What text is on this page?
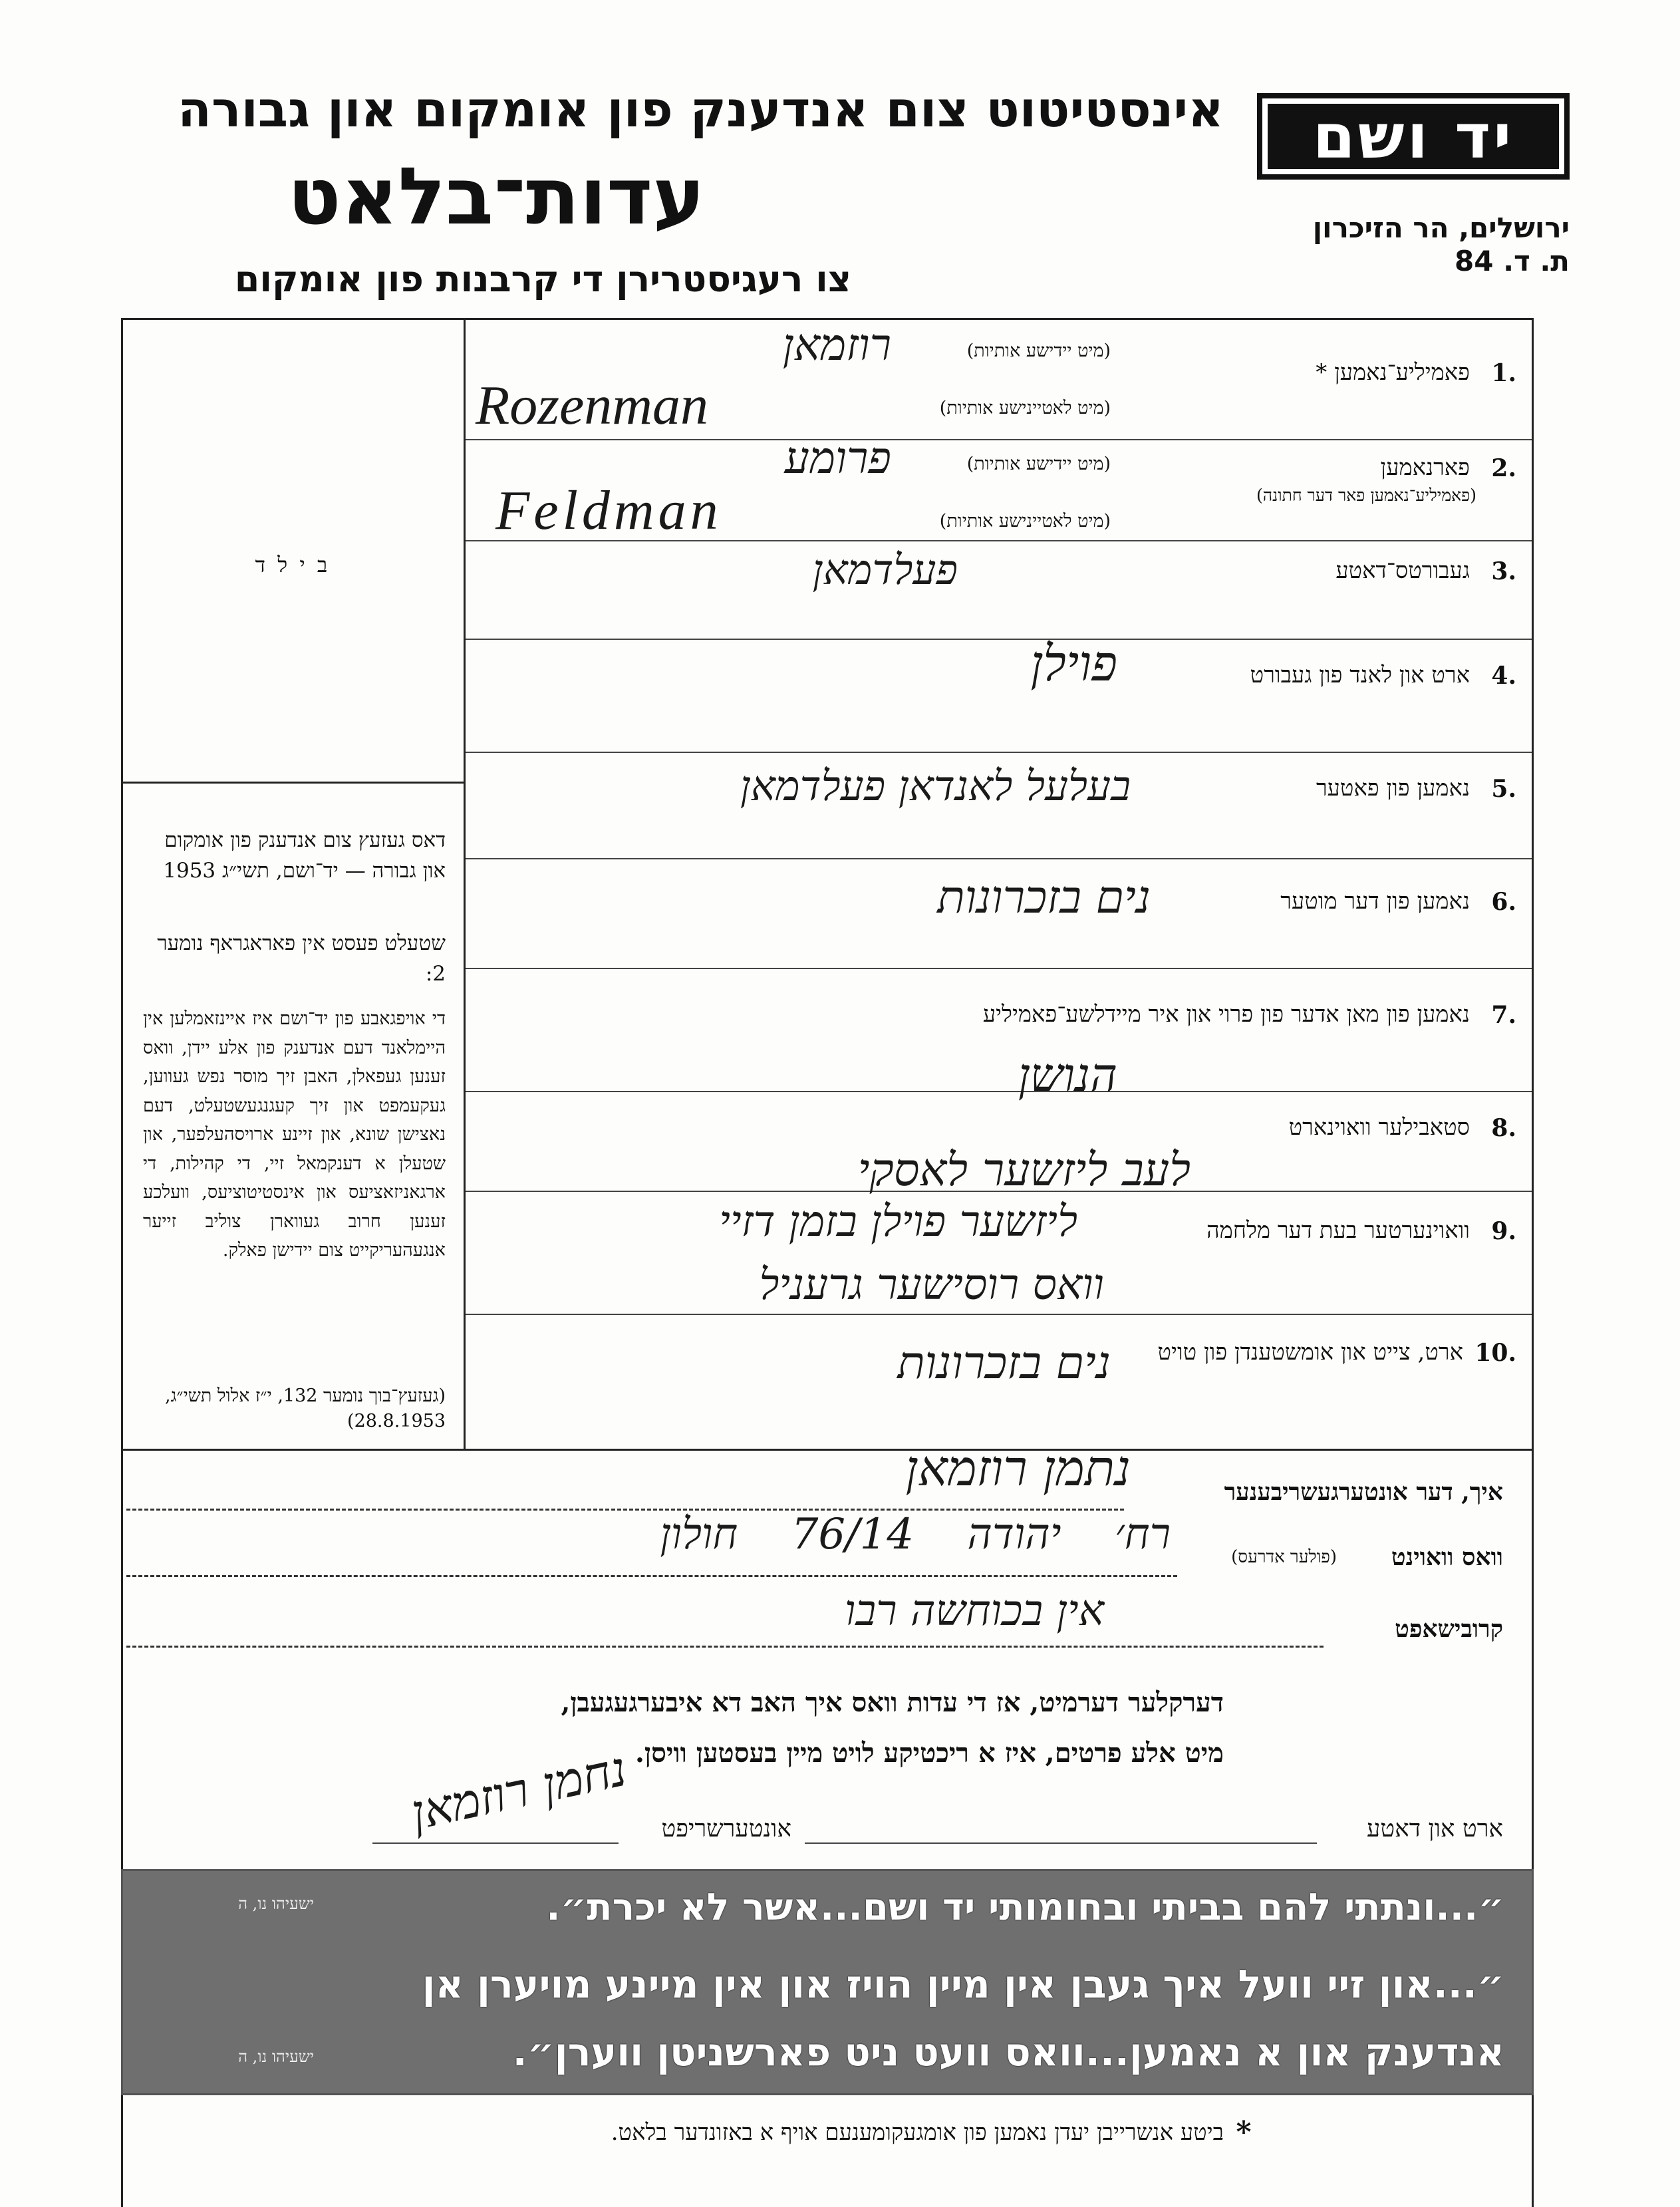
יד ושם
אינסטיטוט צום אנדענק פון אומקום און גבורה
עדות־בלאט	ירושלים, הר הזיכרון
ת. ד. 84
צו רעגיסטרירן די קרבנות פון אומקום
ב י ל ד
דאס געזעץ צום אנדענק פון אומקום און גבורה — יד־ושם, תשי״ג 1953
שטעלט פעסט אין פאראגראף נומער 2:
די אויפגאבע פון יד־ושם איז איינזאמלען אין היימלאנד דעם אנדענק פון אלע יידן, וואס זענען געפאלן, האבן זיך מוסר נפש געווען, געקעמפט און זיך קעגנגעשטעלט, דעם נאצישן שונא, און זיינע ארויסהעלפער, און שטעלן א דענקמאל זיי, די קהילות, די ארגאניזאציעס און אינסטיטוציעס, וועלכע זענען חרוב געווארן צוליב זייער אנגעהעריקייט צום יידישן פאלק.
(געזעץ־בוך נומער 132, י״ז אלול תשי״ג, 28.8.1953)
1.
פאמיליע־נאמען *
(מיט יידישע אותיות)
(מיט לאטיינישע אותיות)
רוזמאן
Rozenman
2.
פארנאמען
(פאמיליע־נאמען פאר דער חתונה)
(מיט יידישע אותיות)
(מיט לאטיינישע אותיות)
פרומע
Feldman
3.
געבורטס־דאטע
פעלדמאן
4.
ארט און לאנד פון געבורט
פוילן
5.
נאמען פון פאטער
בעלעל לאנדאן פעלדמאן
6.
נאמען פון דער מוטער
נים בזכרונות
7.
נאמען פון מאן אדער פון פרוי און איר מיידלשע־פאמיליע
הנושן
8.
סטאבילער וואוינארט
לעב ליזשער לאסקי
9.
וואוינערטער בעת דער מלחמה
ליזשער פוילן בזמן דזיי
וואס רוסישער גרעניל
10.
ארט, צייט און אומשטענדן פון טויט
נים בזכרונות
איך, דער אונטערגעשריבענער
נתמן רוזמאן
וואס וואוינט
(פולער אדרעס)
רח׳ יהודה 76/14 חולון
קרובישאפט
אין בכוחשה רבו
דערקלער דערמיט, אז די עדות וואס איך האב דא איבערגעגעבן,
מיט אלע פרטים, איז א ריכטיקע לויט מיין בעסטען וויסן.
ארט און דאטע
אונטערשריפט
נחמן רוזמאן
״...ונתתי להם בביתי ובחומותי יד ושם...אשר לא יכרת״.
ישעיהו נו, ה
״...און זיי וועל איך געבן אין מיין הויז און אין מיינע מויערן אן
אנדענק און א נאמען...וואס וועט ניט פארשניטן ווערן״.
ישעיהו נו, ה
*
ביטע אנשרייבן יעדן נאמען פון אומגעקומענעם אויף א באזונדער בלאט.
